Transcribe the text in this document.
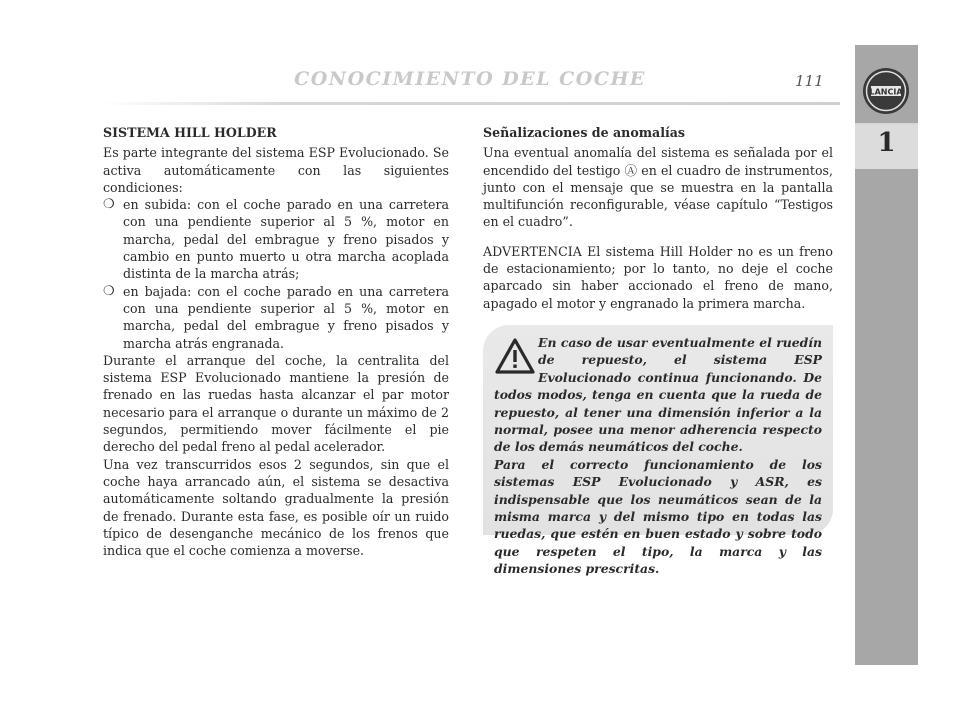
LANCIA
1
CONOCIMIENTO DEL COCHE	111

SISTEMA HILL HOLDER

Es parte integrante del sistema ESP Evolucionado. Se activa automáticamente con las siguientes condiciones:

❍ en subida: con el coche parado en una carretera con una pendiente superior al 5 %, motor en marcha, pedal del embrague y freno pisados y cambio en punto muerto u otra marcha acoplada distinta de la marcha atrás;
❍ en bajada: con el coche parado en una carretera con una pendiente superior al 5 %, motor en marcha, pedal del embrague y freno pisados y marcha atrás engranada.

Durante el arranque del coche, la centralita del sistema ESP Evolucionado mantiene la presión de frenado en las ruedas hasta alcanzar el par motor necesario para el arranque o durante un máximo de 2 segundos, permitiendo mover fácilmente el pie derecho del pedal freno al pedal acelerador.

Una vez transcurridos esos 2 segundos, sin que el coche haya arrancado aún, el sistema se desactiva automáticamente soltando gradualmente la presión de frenado. Durante esta fase, es posible oír un ruido típico de desenganche mecánico de los frenos que indica que el coche comienza a moverse.

Señalizaciones de anomalías

Una eventual anomalía del sistema es señalada por el encendido del testigo Ⓐ en el cuadro de instrumentos, junto con el mensaje que se muestra en la pantalla multifunción reconfigurable, véase capítulo “Testigos en el cuadro”.

ADVERTENCIA El sistema Hill Holder no es un freno de estacionamiento; por lo tanto, no deje el coche aparcado sin haber accionado el freno de mano, apagado el motor y engranado la primera marcha.

En caso de usar eventualmente el ruedín de repuesto, el sistema ESP Evolucionado continua funcionando. De todos modos, tenga en cuenta que la rueda de repuesto, al tener una dimensión inferior a la normal, posee una menor adherencia respecto de los demás neumáticos del coche.
Para el correcto funcionamiento de los sistemas ESP Evolucionado y ASR, es indispensable que los neumáticos sean de la misma marca y del mismo tipo en todas las ruedas, que estén en buen estado y sobre todo que respeten el tipo, la marca y las dimensiones prescritas.
